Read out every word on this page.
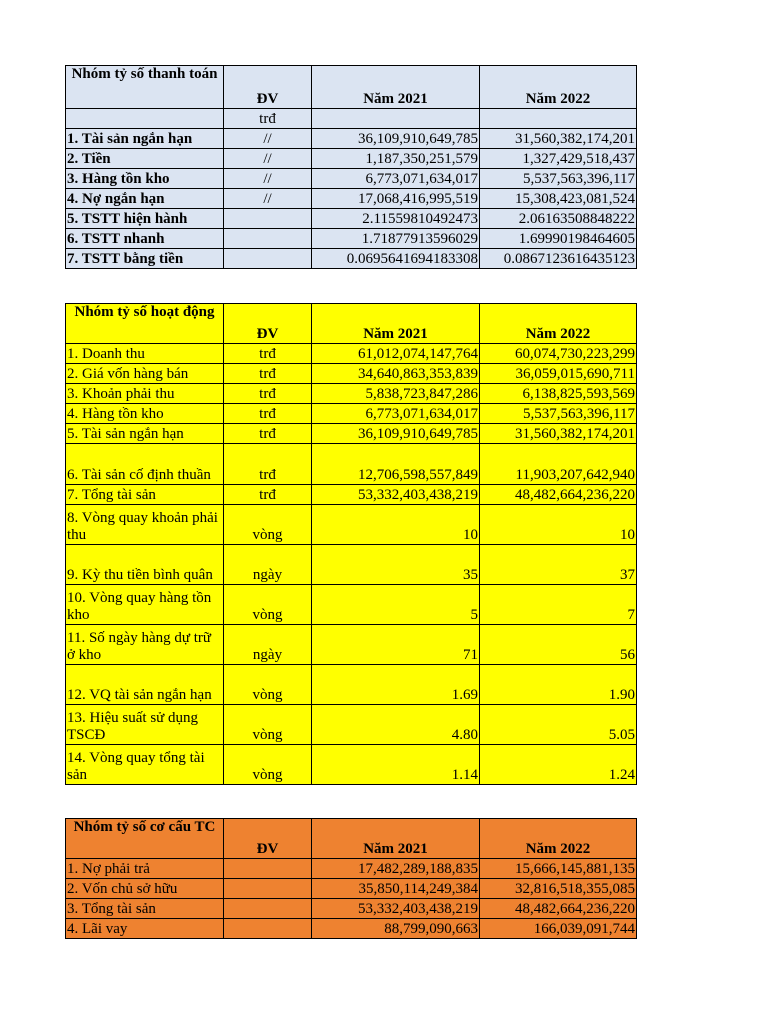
Nhóm tỷ số thanh toán	ĐV	Năm 2021	Năm 2022
	trđ		
1. Tài sản ngắn hạn	//	36,109,910,649,785	31,560,382,174,201
2. Tiền	//	1,187,350,251,579	1,327,429,518,437
3. Hàng tồn kho	//	6,773,071,634,017	5,537,563,396,117
4. Nợ ngắn hạn	//	17,068,416,995,519	15,308,423,081,524
5. TSTT hiện hành		2.11559810492473	2.06163508848222
6. TSTT nhanh		1.71877913596029	1.69990198464605
7. TSTT bằng tiền		0.0695641694183308	0.0867123616435123
Nhóm tỷ số hoạt động	ĐV	Năm 2021	Năm 2022
1. Doanh thu	trđ	61,012,074,147,764	60,074,730,223,299
2. Giá vốn hàng bán	trđ	34,640,863,353,839	36,059,015,690,711
3. Khoản phải thu	trđ	5,838,723,847,286	6,138,825,593,569
4. Hàng tồn kho	trđ	6,773,071,634,017	5,537,563,396,117
5. Tài sản ngắn hạn	trđ	36,109,910,649,785	31,560,382,174,201
6. Tài sản cố định thuần	trđ	12,706,598,557,849	11,903,207,642,940
7. Tổng tài sản	trđ	53,332,403,438,219	48,482,664,236,220
8. Vòng quay khoản phải thu	vòng	10	10
9. Kỳ thu tiền bình quân	ngày	35	37
10. Vòng quay hàng tồn kho	vòng	5	7
11. Số ngày hàng dự trữ ở kho	ngày	71	56
12. VQ tài sản ngắn hạn	vòng	1.69	1.90
13. Hiệu suất sử dụng TSCĐ	vòng	4.80	5.05
14. Vòng quay tổng tài sản	vòng	1.14	1.24
Nhóm tỷ số cơ cấu TC	ĐV	Năm 2021	Năm 2022
1. Nợ phải trả		17,482,289,188,835	15,666,145,881,135
2. Vốn chủ sở hữu		35,850,114,249,384	32,816,518,355,085
3. Tổng tài sản		53,332,403,438,219	48,482,664,236,220
4. Lãi vay		88,799,090,663	166,039,091,744
